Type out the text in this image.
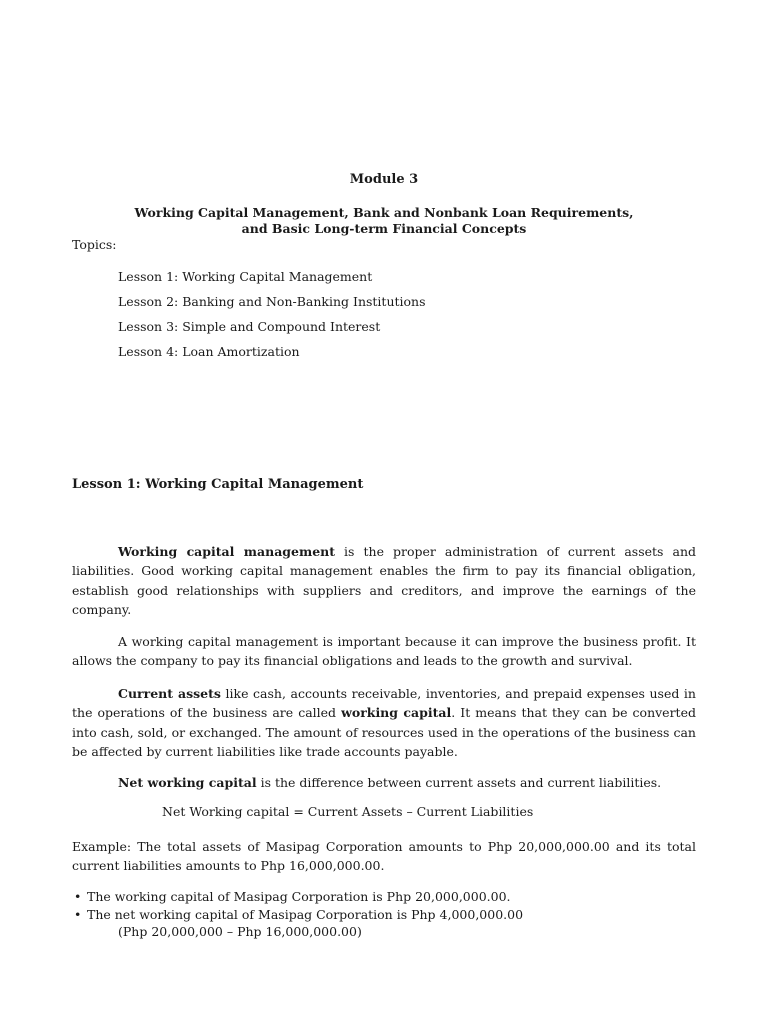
Module 3
Working Capital Management, Bank and Nonbank Loan Requirements,
and Basic Long-term Financial Concepts
Topics:
Lesson 1: Working Capital Management
Lesson 2: Banking and Non-Banking Institutions
Lesson 3: Simple and Compound Interest
Lesson 4: Loan Amortization
Lesson 1: Working Capital Management
Working capital management is the proper administration of current assets and liabilities. Good working capital management enables the firm to pay its financial obligation, establish good relationships with suppliers and creditors, and improve the earnings of the company.
A working capital management is important because it can improve the business profit. It allows the company to pay its financial obligations and leads to the growth and survival.
Current assets like cash, accounts receivable, inventories, and prepaid expenses used in the operations of the business are called working capital. It means that they can be converted into cash, sold, or exchanged. The amount of resources used in the operations of the business can be affected by current liabilities like trade accounts payable.
Net working capital is the difference between current assets and current liabilities.
Net Working capital = Current Assets – Current Liabilities
Example: The total assets of Masipag Corporation amounts to Php 20,000,000.00 and its total current liabilities amounts to Php 16,000,000.00.
• The working capital of Masipag Corporation is Php 20,000,000.00.
• The net working capital of Masipag Corporation is Php 4,000,000.00
(Php 20,000,000 – Php 16,000,000.00)
